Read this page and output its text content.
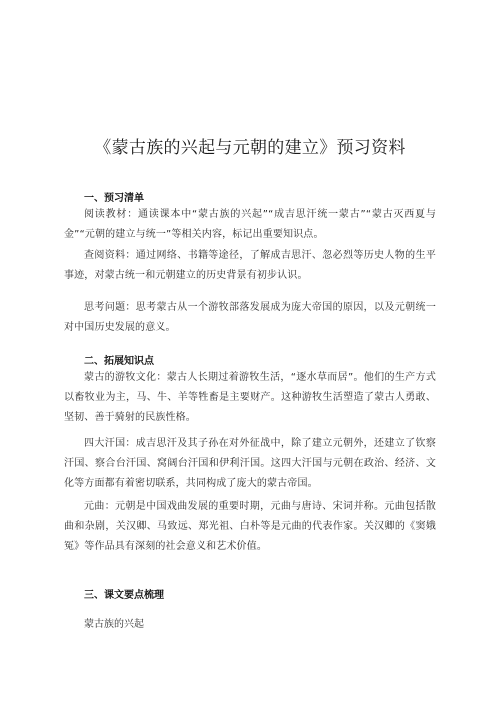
《蒙古族的兴起与元朝的建立》预习资料
一、预习清单
阅读教材：通读课本中“蒙古族的兴起”“成吉思汗统一蒙古”“蒙古灭西夏与金”“元朝的建立与统一”等相关内容，标记出重要知识点。
查阅资料：通过网络、书籍等途径，了解成吉思汗、忽必烈等历史人物的生平事迹，对蒙古统一和元朝建立的历史背景有初步认识。
思考问题：思考蒙古从一个游牧部落发展成为庞大帝国的原因，以及元朝统一对中国历史发展的意义。
二、拓展知识点
蒙古的游牧文化：蒙古人长期过着游牧生活，“逐水草而居”。他们的生产方式以畜牧业为主，马、牛、羊等牲畜是主要财产。这种游牧生活塑造了蒙古人勇敢、坚韧、善于骑射的民族性格。
四大汗国：成吉思汗及其子孙在对外征战中，除了建立元朝外，还建立了钦察汗国、察合台汗国、窝阔台汗国和伊利汗国。这四大汗国与元朝在政治、经济、文化等方面都有着密切联系，共同构成了庞大的蒙古帝国。
元曲：元朝是中国戏曲发展的重要时期，元曲与唐诗、宋词并称。元曲包括散曲和杂剧，关汉卿、马致远、郑光祖、白朴等是元曲的代表作家。关汉卿的《窦娥冤》等作品具有深刻的社会意义和艺术价值。
三、课文要点梳理
蒙古族的兴起
